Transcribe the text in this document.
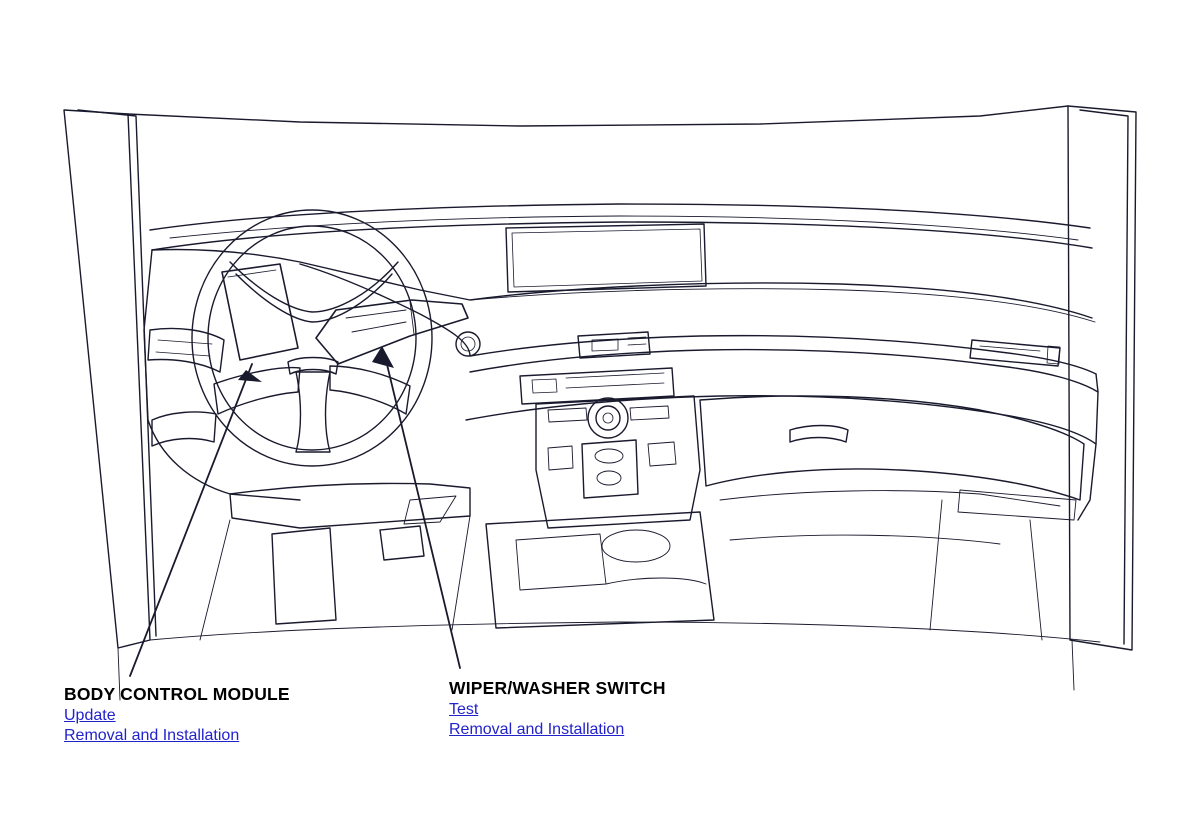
BODY CONTROL MODULE
Update
Removal and Installation
WIPER/WASHER SWITCH
Test
Removal and Installation
